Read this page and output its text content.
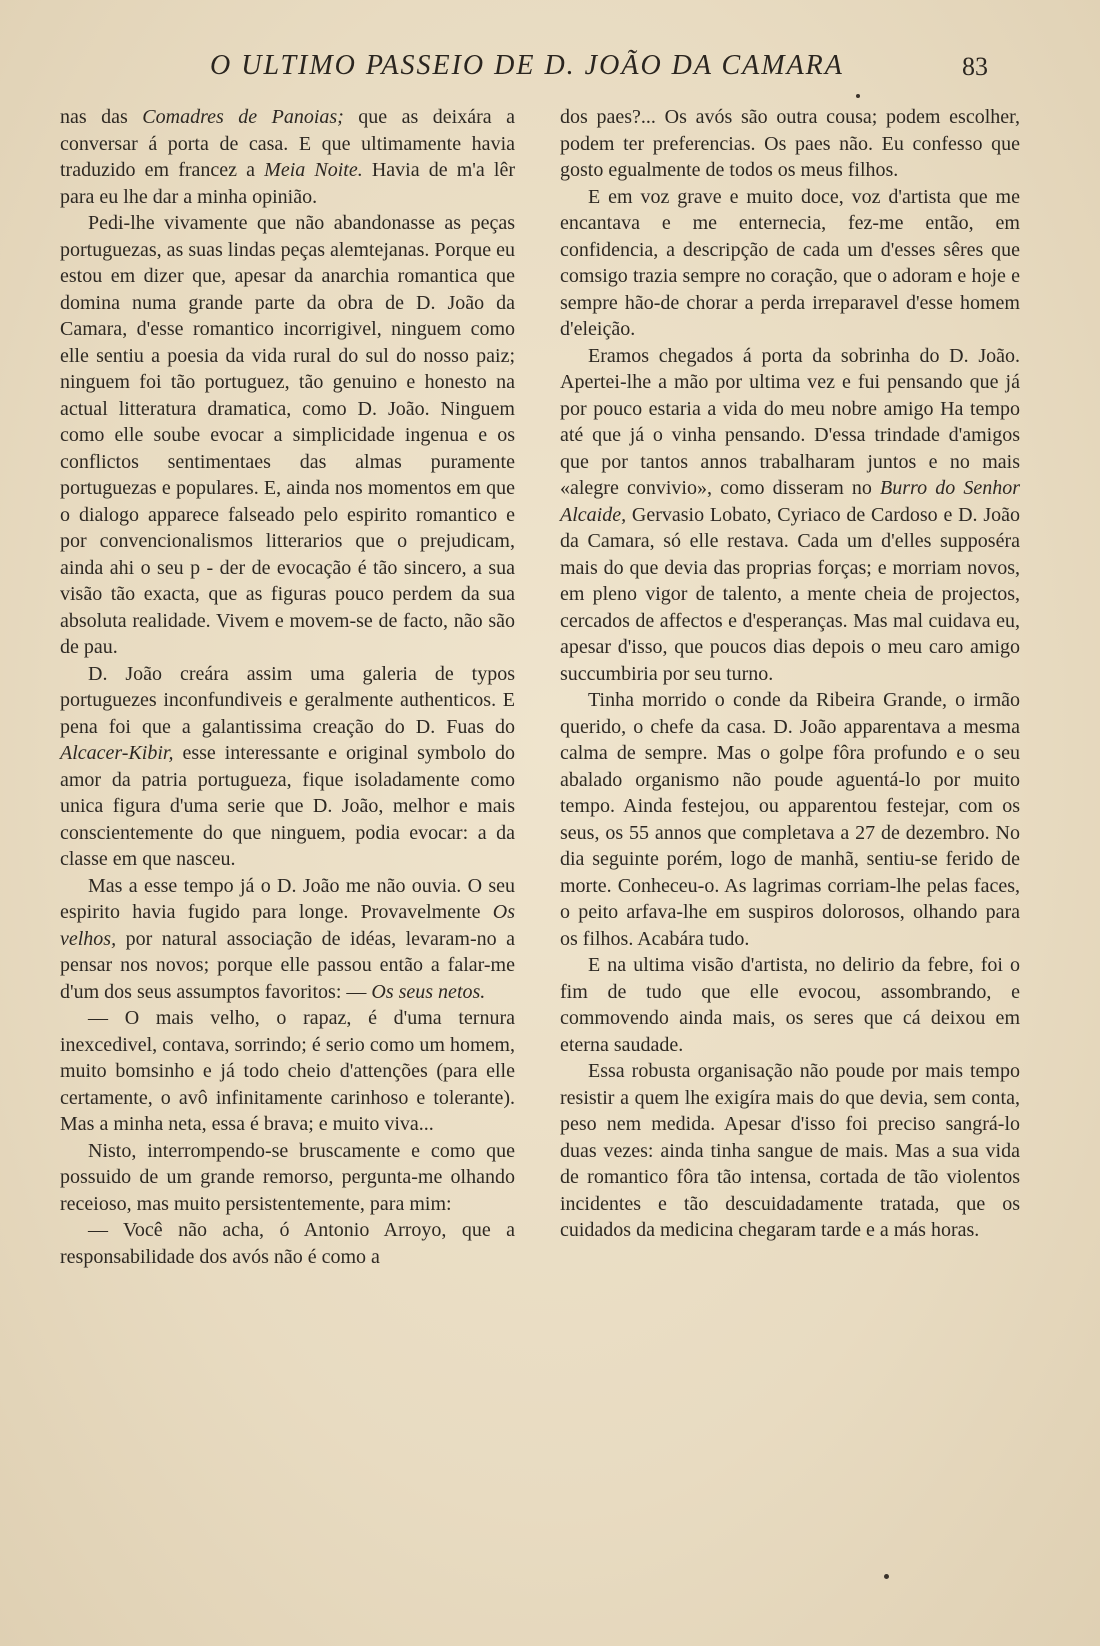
O ULTIMO PASSEIO DE D. JOÃO DA CAMARA	83

nas das Comadres de Panoias; que as deixára a conversar á porta de casa. E que ultimamente havia traduzido em francez a Meia Noite. Havia de m'a lêr para eu lhe dar a minha opinião.

Pedi-lhe vivamente que não abandonasse as peças portuguezas, as suas lindas peças alemtejanas. Porque eu estou em dizer que, apesar da anarchia romantica que domina numa grande parte da obra de D. João da Camara, d'esse romantico incorrigivel, ninguem como elle sentiu a poesia da vida rural do sul do nosso paiz; ninguem foi tão portuguez, tão genuino e honesto na actual litteratura dramatica, como D. João. Ninguem como elle soube evocar a simplicidade ingenua e os conflictos sentimentaes das almas puramente portuguezas e populares. E, ainda nos momentos em que o dialogo apparece falseado pelo espirito romantico e por convencionalismos litterarios que o prejudicam, ainda ahi o seu p - der de evocação é tão sincero, a sua visão tão exacta, que as figuras pouco perdem da sua absoluta realidade. Vivem e movem-se de facto, não são de pau.

D. João creára assim uma galeria de typos portuguezes inconfundiveis e geralmente authenticos. E pena foi que a galantissima creação do D. Fuas do Alcacer-Kibir, esse interessante e original symbolo do amor da patria portugueza, fique isoladamente como unica figura d'uma serie que D. João, melhor e mais conscientemente do que ninguem, podia evocar: a da classe em que nasceu.

Mas a esse tempo já o D. João me não ouvia. O seu espirito havia fugido para longe. Provavelmente Os velhos, por natural associação de idéas, levaram-no a pensar nos novos; porque elle passou então a falar-me d'um dos seus assumptos favoritos: — Os seus netos.

— O mais velho, o rapaz, é d'uma ternura inexcedivel, contava, sorrindo; é serio como um homem, muito bomsinho e já todo cheio d'attenções (para elle certamente, o avô infinitamente carinhoso e tolerante). Mas a minha neta, essa é brava; e muito viva...

Nisto, interrompendo-se bruscamente e como que possuido de um grande remorso, pergunta-me olhando receioso, mas muito persistentemente, para mim:

— Você não acha, ó Antonio Arroyo, que a responsabilidade dos avós não é como a

dos paes?... Os avós são outra cousa; podem escolher, podem ter preferencias. Os paes não. Eu confesso que gosto egualmente de todos os meus filhos.

E em voz grave e muito doce, voz d'artista que me encantava e me enternecia, fez-me então, em confidencia, a descripção de cada um d'esses sêres que comsigo trazia sempre no coração, que o adoram e hoje e sempre hão-de chorar a perda irreparavel d'esse homem d'eleição.

Eramos chegados á porta da sobrinha do D. João. Apertei-lhe a mão por ultima vez e fui pensando que já por pouco estaria a vida do meu nobre amigo Ha tempo até que já o vinha pensando. D'essa trindade d'amigos que por tantos annos trabalharam juntos e no mais «alegre convivio», como disseram no Burro do Senhor Alcaide, Gervasio Lobato, Cyriaco de Cardoso e D. João da Camara, só elle restava. Cada um d'elles supposéra mais do que devia das proprias forças; e morriam novos, em pleno vigor de talento, a mente cheia de projectos, cercados de affectos e d'esperanças. Mas mal cuidava eu, apesar d'isso, que poucos dias depois o meu caro amigo succumbiria por seu turno.

Tinha morrido o conde da Ribeira Grande, o irmão querido, o chefe da casa. D. João apparentava a mesma calma de sempre. Mas o golpe fôra profundo e o seu abalado organismo não poude aguentá-lo por muito tempo. Ainda festejou, ou apparentou festejar, com os seus, os 55 annos que completava a 27 de dezembro. No dia seguinte porém, logo de manhã, sentiu-se ferido de morte. Conheceu-o. As lagrimas corriam-lhe pelas faces, o peito arfava-lhe em suspiros dolorosos, olhando para os filhos. Acabára tudo.

E na ultima visão d'artista, no delirio da febre, foi o fim de tudo que elle evocou, assombrando, e commovendo ainda mais, os seres que cá deixou em eterna saudade.

Essa robusta organisação não poude por mais tempo resistir a quem lhe exigíra mais do que devia, sem conta, peso nem medida. Apesar d'isso foi preciso sangrá-lo duas vezes: ainda tinha sangue de mais. Mas a sua vida de romantico fôra tão intensa, cortada de tão violentos incidentes e tão descuidadamente tratada, que os cuidados da medicina chegaram tarde e a más horas.
